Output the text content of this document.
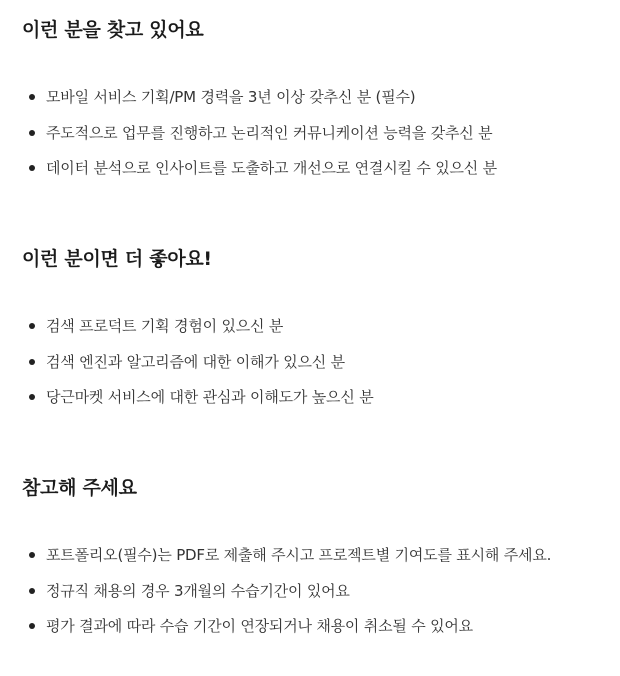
이런 분을 찾고 있어요
모바일 서비스 기획/PM 경력을 3년 이상 갖추신 분 (필수)
주도적으로 업무를 진행하고 논리적인 커뮤니케이션 능력을 갖추신 분
데이터 분석으로 인사이트를 도출하고 개선으로 연결시킬 수 있으신 분
이런 분이면 더 좋아요!
검색 프로덕트 기획 경험이 있으신 분
검색 엔진과 알고리즘에 대한 이해가 있으신 분
당근마켓 서비스에 대한 관심과 이해도가 높으신 분
참고해 주세요
포트폴리오(필수)는 PDF로 제출해 주시고 프로젝트별 기여도를 표시해 주세요.
정규직 채용의 경우 3개월의 수습기간이 있어요
평가 결과에 따라 수습 기간이 연장되거나 채용이 취소될 수 있어요
